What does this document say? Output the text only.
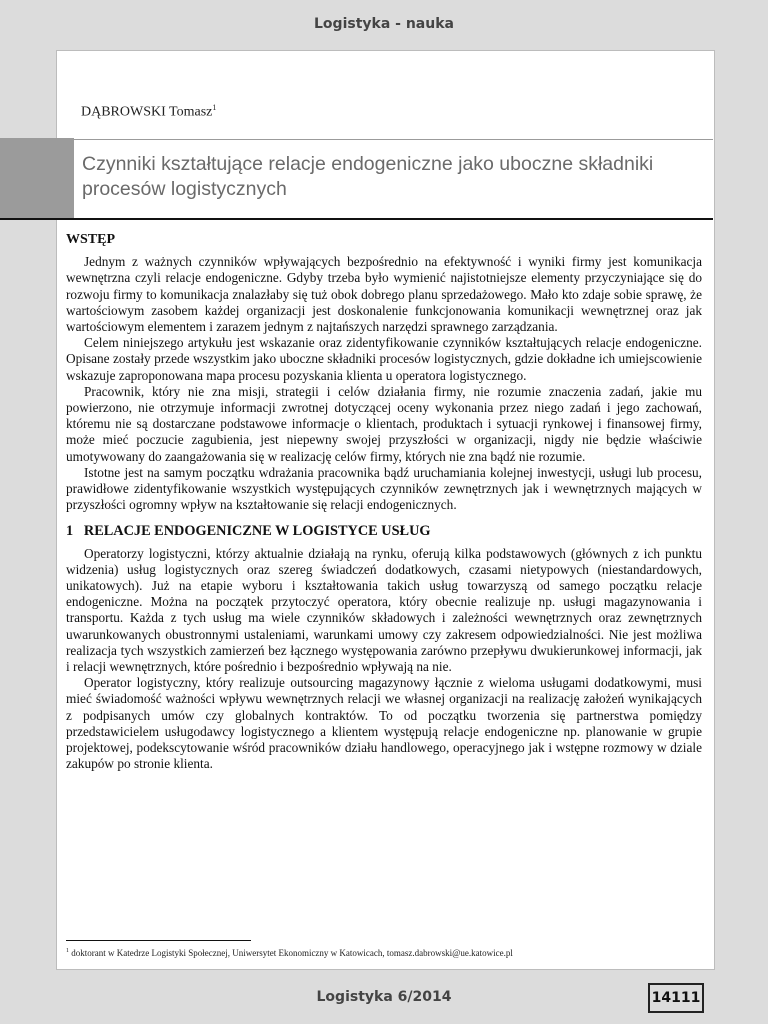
Logistyka - nauka
DĄBROWSKI Tomasz$^1$
Czynniki kształtujące relacje endogeniczne jako uboczne składniki procesów logistycznych
WSTĘP

Jednym z ważnych czynników wpływających bezpośrednio na efektywność i wyniki firmy jest komunikacja wewnętrzna czyli relacje endogeniczne. Gdyby trzeba było wymienić najistotniejsze elementy przyczyniające się do rozwoju firmy to komunikacja znalazłaby się tuż obok dobrego planu sprzedażowego. Mało kto zdaje sobie sprawę, że wartościowym zasobem każdej organizacji jest doskonalenie funkcjonowania komunikacji wewnętrznej oraz jak wartościowym elementem i zarazem jednym z najtańszych narzędzi sprawnego zarządzania.

Celem niniejszego artykułu jest wskazanie oraz zidentyfikowanie czynników kształtujących relacje endogeniczne. Opisane zostały przede wszystkim jako uboczne składniki procesów logistycznych, gdzie dokładne ich umiejscowienie wskazuje zaproponowana mapa procesu pozyskania klienta u operatora logistycznego.

Pracownik, który nie zna misji, strategii i celów działania firmy, nie rozumie znaczenia zadań, jakie mu powierzono, nie otrzymuje informacji zwrotnej dotyczącej oceny wykonania przez niego zadań i jego zachowań, któremu nie są dostarczane podstawowe informacje o klientach, produktach i sytuacji rynkowej i finansowej firmy, może mieć poczucie zagubienia, jest niepewny swojej przyszłości w organizacji, nigdy nie będzie właściwie umotywowany do zaangażowania się w realizację celów firmy, których nie zna bądź nie rozumie.

Istotne jest na samym początku wdrażania pracownika bądź uruchamiania kolejnej inwestycji, usługi lub procesu, prawidłowe zidentyfikowanie wszystkich występujących czynników zewnętrznych jak i wewnętrznych mających w przyszłości ogromny wpływ na kształtowanie się relacji endogenicznych.

1   RELACJE ENDOGENICZNE W LOGISTYCE USŁUG

Operatorzy logistyczni, którzy aktualnie działają na rynku, oferują kilka podstawowych (głównych z ich punktu widzenia) usług logistycznych oraz szereg świadczeń dodatkowych, czasami nietypowych (niestandardowych, unikatowych). Już na etapie wyboru i kształtowania takich usług towarzyszą od samego początku relacje endogeniczne. Można na początek przytoczyć operatora, który obecnie realizuje np. usługi magazynowania i transportu. Każda z tych usług ma wiele czynników składowych i zależności wewnętrznych oraz zewnętrznych uwarunkowanych obustronnymi ustaleniami, warunkami umowy czy zakresem odpowiedzialności. Nie jest możliwa realizacja tych wszystkich zamierzeń bez łącznego występowania zarówno przepływu dwukierunkowej informacji, jak i relacji wewnętrznych, które pośrednio i bezpośrednio wpływają na nie.

Operator logistyczny, który realizuje outsourcing magazynowy łącznie z wieloma usługami dodatkowymi, musi mieć świadomość ważności wpływu wewnętrznych relacji we własnej organizacji na realizację założeń wynikających z podpisanych umów czy globalnych kontraktów. To od początku tworzenia się partnerstwa pomiędzy przedstawicielem usługodawcy logistycznego a klientem występują relacje endogeniczne np. planowanie w grupie projektowej, podekscytowanie wśród pracowników działu handlowego, operacyjnego jak i wstępne rozmowy w dziale zakupów po stronie klienta.

$^1$ doktorant w Katedrze Logistyki Społecznej, Uniwersytet Ekonomiczny w Katowicach, tomasz.dabrowski@ue.katowice.pl
Logistyka 6/2014	14111
